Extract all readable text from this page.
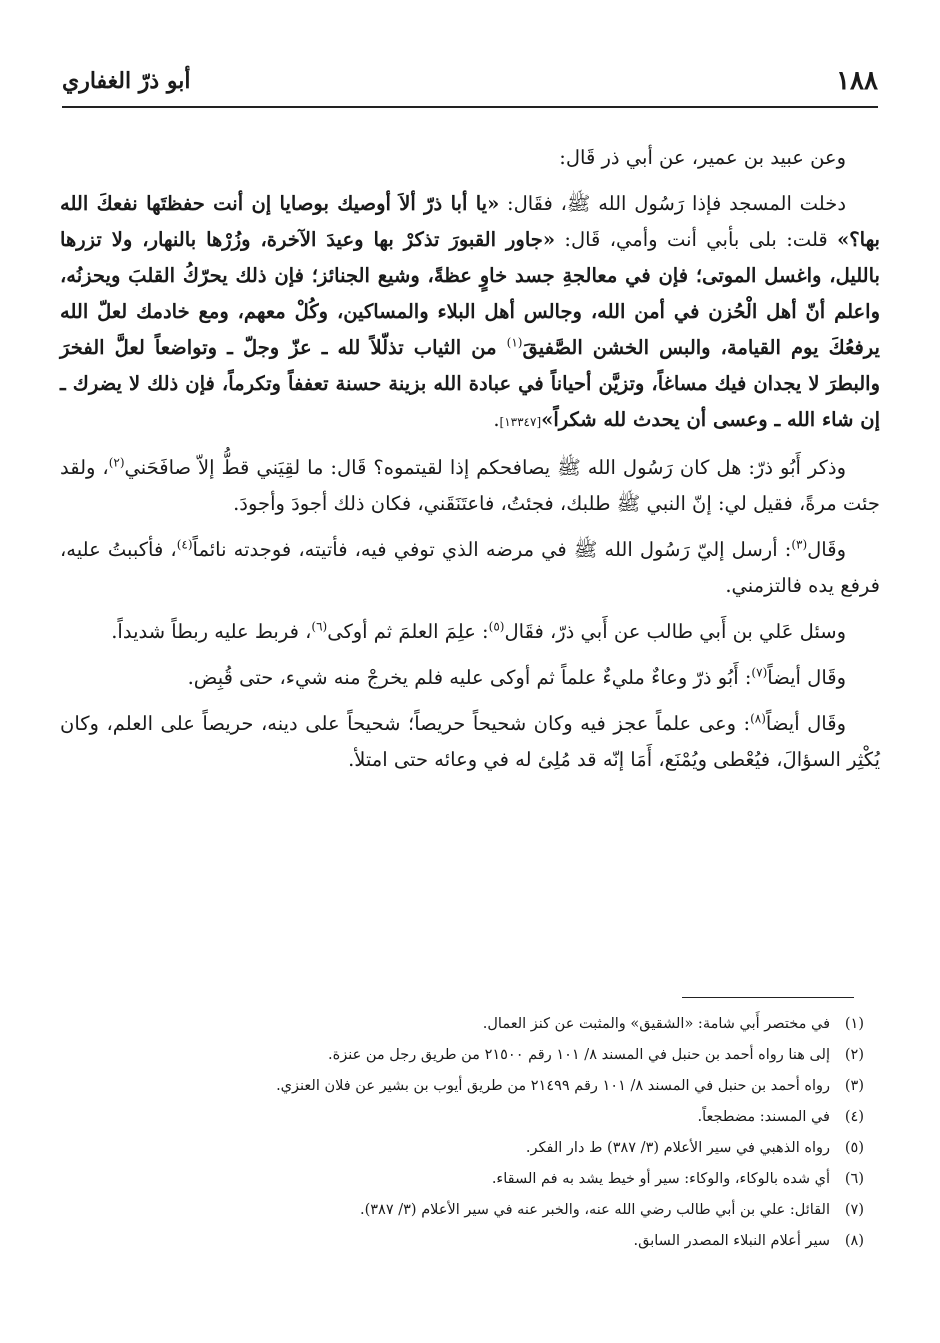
١٨٨
أبو ذرّ الغفاري

وعن عبيد بن عمير، عن أبي ذر قَال:

دخلت المسجد فإذا رَسُول الله ﷺ، فقَال: «يا أبا ذرّ ألاَ أوصيك بوصايا إن أنت حفظتَها نفعكَ الله بها؟» قلت: بلى بأبي أنت وأمي، قَال: «جاور القبورَ تذكرْ بها وعيدَ الآخرة، وزُرْها بالنهار، ولا تزرها بالليل، واغسل الموتى؛ فإن في معالجةِ جسد خاوٍ عظةً، وشيع الجنائز؛ فإن ذلك يحرّكُ القلبَ ويحزنُه، واعلم أنّ أهل الْحُزن في أمن الله، وجالس أهل البلاء والمساكين، وكُلْ معهم، ومع خادمك لعلّ الله يرفعُكَ يوم القيامة، والبس الخشن الصَّفيقَ$^{(١)}$ من الثياب تذلّلاً لله ـ عزّ وجلّ ـ وتواضعاً لعلَّ الفخرَ والبطرَ لا يجدان فيك مساغاً، وتزيَّن أحياناً في عبادة الله بزينة حسنة تعففاً وتكرماً، فإن ذلك لا يضرك ـ إن شاء الله ـ وعسى أن يحدث لله شكراً»[١٣٣٤٧].

وذكر أَبُو ذرّ: هل كان رَسُول الله ﷺ يصافحكم إذا لقيتموه؟ قَال: ما لقِيَني قطُّ إلاّ صافَحَني$^{(٢)}$، ولقد جئت مرةً، فقيل لي: إنّ النبي ﷺ طلبك، فجئتُ، فاعتَنَقَني، فكان ذلك أجودَ وأجودَ.

وقَال$^{(٣)}$: أرسل إليّ رَسُول الله ﷺ في مرضه الذي توفي فيه، فأتيته، فوجدته نائماً$^{(٤)}$، فأكببتُ عليه، فرفع يده فالتزمني.

وسئل عَلي بن أَبي طالب عن أَبي ذرّ، فقَال$^{(٥)}$: علِمَ العلمَ ثم أوكى$^{(٦)}$، فربط عليه ربطاً شديداً.

وقَال أيضاً$^{(٧)}$: أَبُو ذرّ وعاءٌ مليءٌ علماً ثم أوكى عليه فلم يخرجْ منه شيء، حتى قُبِض.

وقَال أيضاً$^{(٨)}$: وعى علماً عجز فيه وكان شحيحاً حريصاً؛ شحيحاً على دينه، حريصاً على العلم، وكان يُكْثِر السؤالَ، فيُعْطى ويُمْنَع، أَمَا إنّه قد مُلِئ له في وعائه حتى امتلأ.

(١)
في مختصر أَبي شامة: «الشقيق» والمثبت عن كنز العمال.
(٢)
إلى هنا رواه أحمد بن حنبل في المسند ٨/ ١٠١ رقم ٢١٥٠٠ من طريق رجل من عنزة.
(٣)
رواه أحمد بن حنبل في المسند ٨/ ١٠١ رقم ٢١٤٩٩ من طريق أيوب بن بشير عن فلان العنزي.
(٤)
في المسند: مضطجعاً.
(٥)
رواه الذهبي في سير الأعلام (٣/ ٣٨٧) ط دار الفكر.
(٦)
أي شده بالوكاء، والوكاء: سير أو خيط يشد به فم السقاء.
(٧)
القائل: علي بن أبي طالب رضي الله عنه، والخبر عنه في سير الأعلام (٣/ ٣٨٧).
(٨)
سير أعلام النبلاء المصدر السابق.
